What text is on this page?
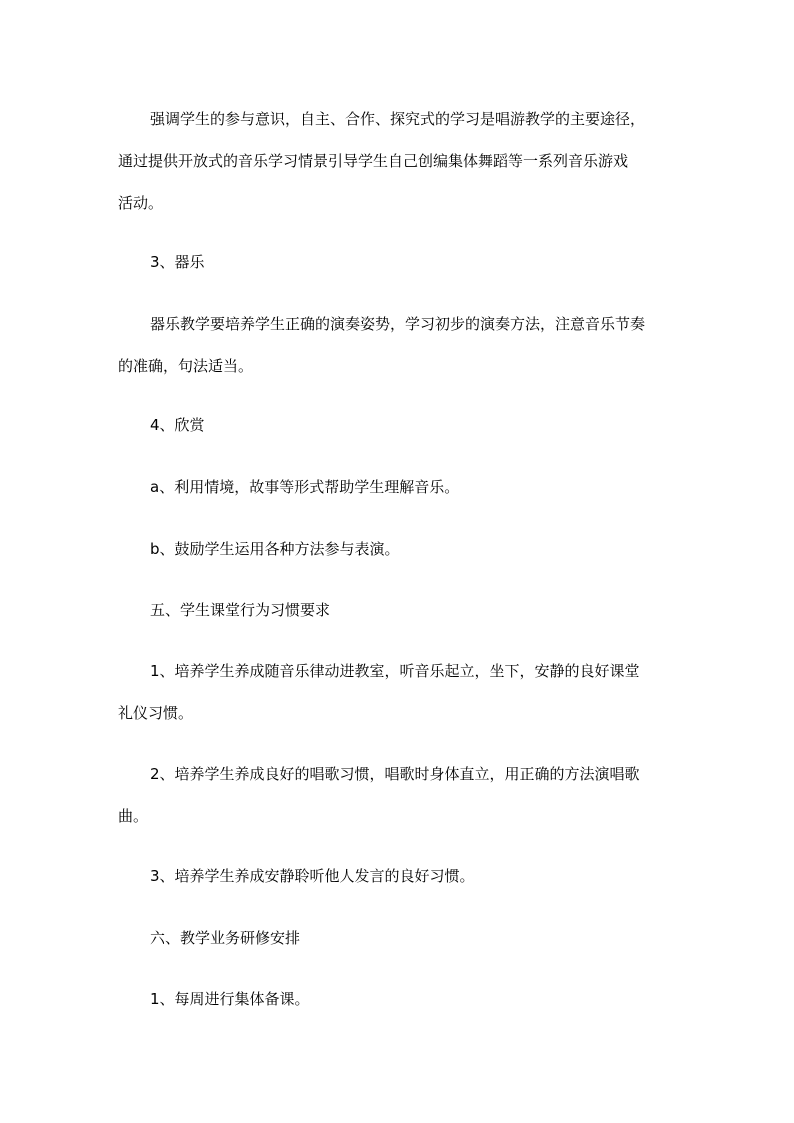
强调学生的参与意识，自主、合作、探究式的学习是唱游教学的主要途径，
通过提供开放式的音乐学习情景引导学生自己创编集体舞蹈等一系列音乐游戏
活动。

3、器乐

器乐教学要培养学生正确的演奏姿势，学习初步的演奏方法，注意音乐节奏
的准确，句法适当。

4、欣赏

a、利用情境，故事等形式帮助学生理解音乐。

b、鼓励学生运用各种方法参与表演。

五、学生课堂行为习惯要求

1、培养学生养成随音乐律动进教室，听音乐起立，坐下，安静的良好课堂
礼仪习惯。

2、培养学生养成良好的唱歌习惯，唱歌时身体直立，用正确的方法演唱歌
曲。

3、培养学生养成安静聆听他人发言的良好习惯。

六、教学业务研修安排

1、每周进行集体备课。
